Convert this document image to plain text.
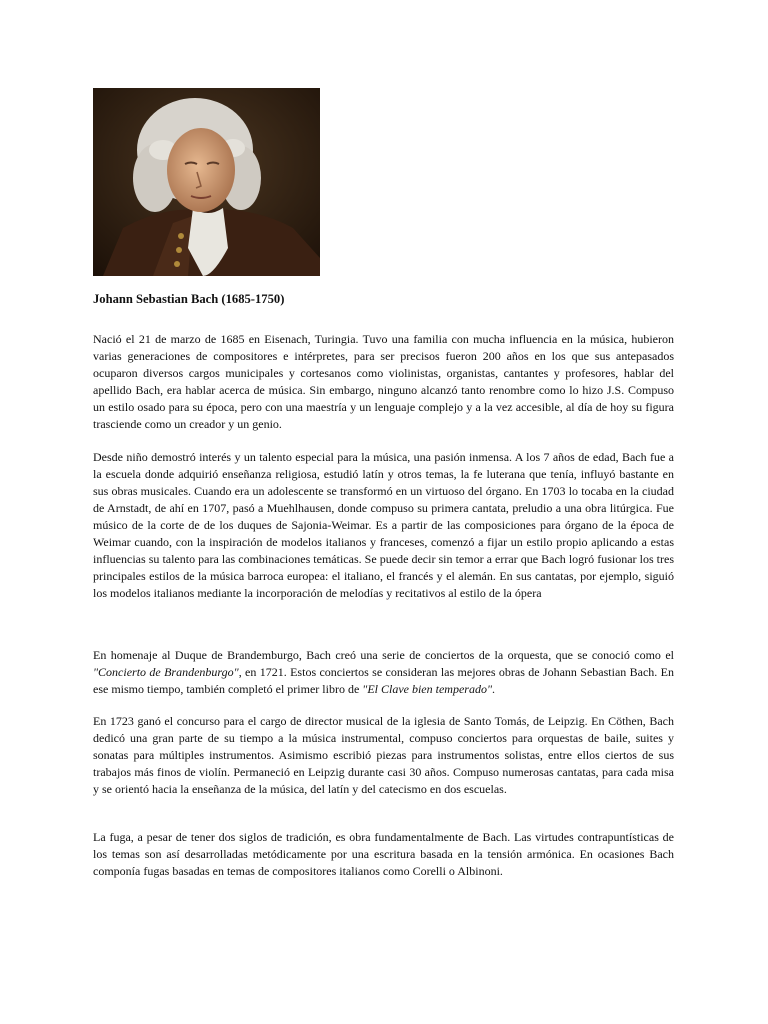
Johann Sebastian Bach (1685-1750)

Nació el 21 de marzo de 1685 en Eisenach, Turingia. Tuvo una familia con mucha influencia en la música, hubieron varias generaciones de compositores e intérpretes, para ser precisos fueron 200 años en los que sus antepasados ocuparon diversos cargos municipales y cortesanos como violinistas, organistas, cantantes y profesores, hablar del apellido Bach, era hablar acerca de música. Sin embargo, ninguno alcanzó tanto renombre como lo hizo J.S. Compuso un estilo osado para su época, pero con una maestría y un lenguaje complejo y a la vez accesible, al día de hoy su figura trasciende como un creador y un genio.

Desde niño demostró interés y un talento especial para la música, una pasión inmensa. A los 7 años de edad, Bach fue a la escuela donde adquirió enseñanza religiosa, estudió latín y otros temas, la fe luterana que tenía, influyó bastante en sus obras musicales. Cuando era un adolescente se transformó en un virtuoso del órgano. En 1703 lo tocaba en la ciudad de Arnstadt, de ahí en 1707, pasó a Muehlhausen, donde compuso su primera cantata, preludio a una obra litúrgica. Fue músico de la corte de de los duques de Sajonia-Weimar. Es a partir de las composiciones para órgano de la época de Weimar cuando, con la inspiración de modelos italianos y franceses, comenzó a fijar un estilo propio aplicando a estas influencias su talento para las combinaciones temáticas. Se puede decir sin temor a errar que Bach logró fusionar los tres principales estilos de la música barroca europea: el italiano, el francés y el alemán. En sus cantatas, por ejemplo, siguió los modelos italianos mediante la incorporación de melodías y recitativos al estilo de la ópera

En homenaje al Duque de Brandemburgo, Bach creó una serie de conciertos de la orquesta, que se conoció como el "Concierto de Brandenburgo", en 1721. Estos conciertos se consideran las mejores obras de Johann Sebastian Bach. En ese mismo tiempo, también completó el primer libro de "El Clave bien temperado".

En 1723 ganó el concurso para el cargo de director musical de la iglesia de Santo Tomás, de Leipzig. En Cöthen, Bach dedicó una gran parte de su tiempo a la música instrumental, compuso conciertos para orquestas de baile, suites y sonatas para múltiples instrumentos. Asimismo escribió piezas para instrumentos solistas, entre ellos ciertos de sus trabajos más finos de violín. Permaneció en Leipzig durante casi 30 años. Compuso numerosas cantatas, para cada misa y se orientó hacia la enseñanza de la música, del latín y del catecismo en dos escuelas.

La fuga, a pesar de tener dos siglos de tradición, es obra fundamentalmente de Bach. Las virtudes contrapuntísticas de los temas son así desarrolladas metódicamente por una escritura basada en la tensión armónica. En ocasiones Bach componía fugas basadas en temas de compositores italianos como Corelli o Albinoni.
